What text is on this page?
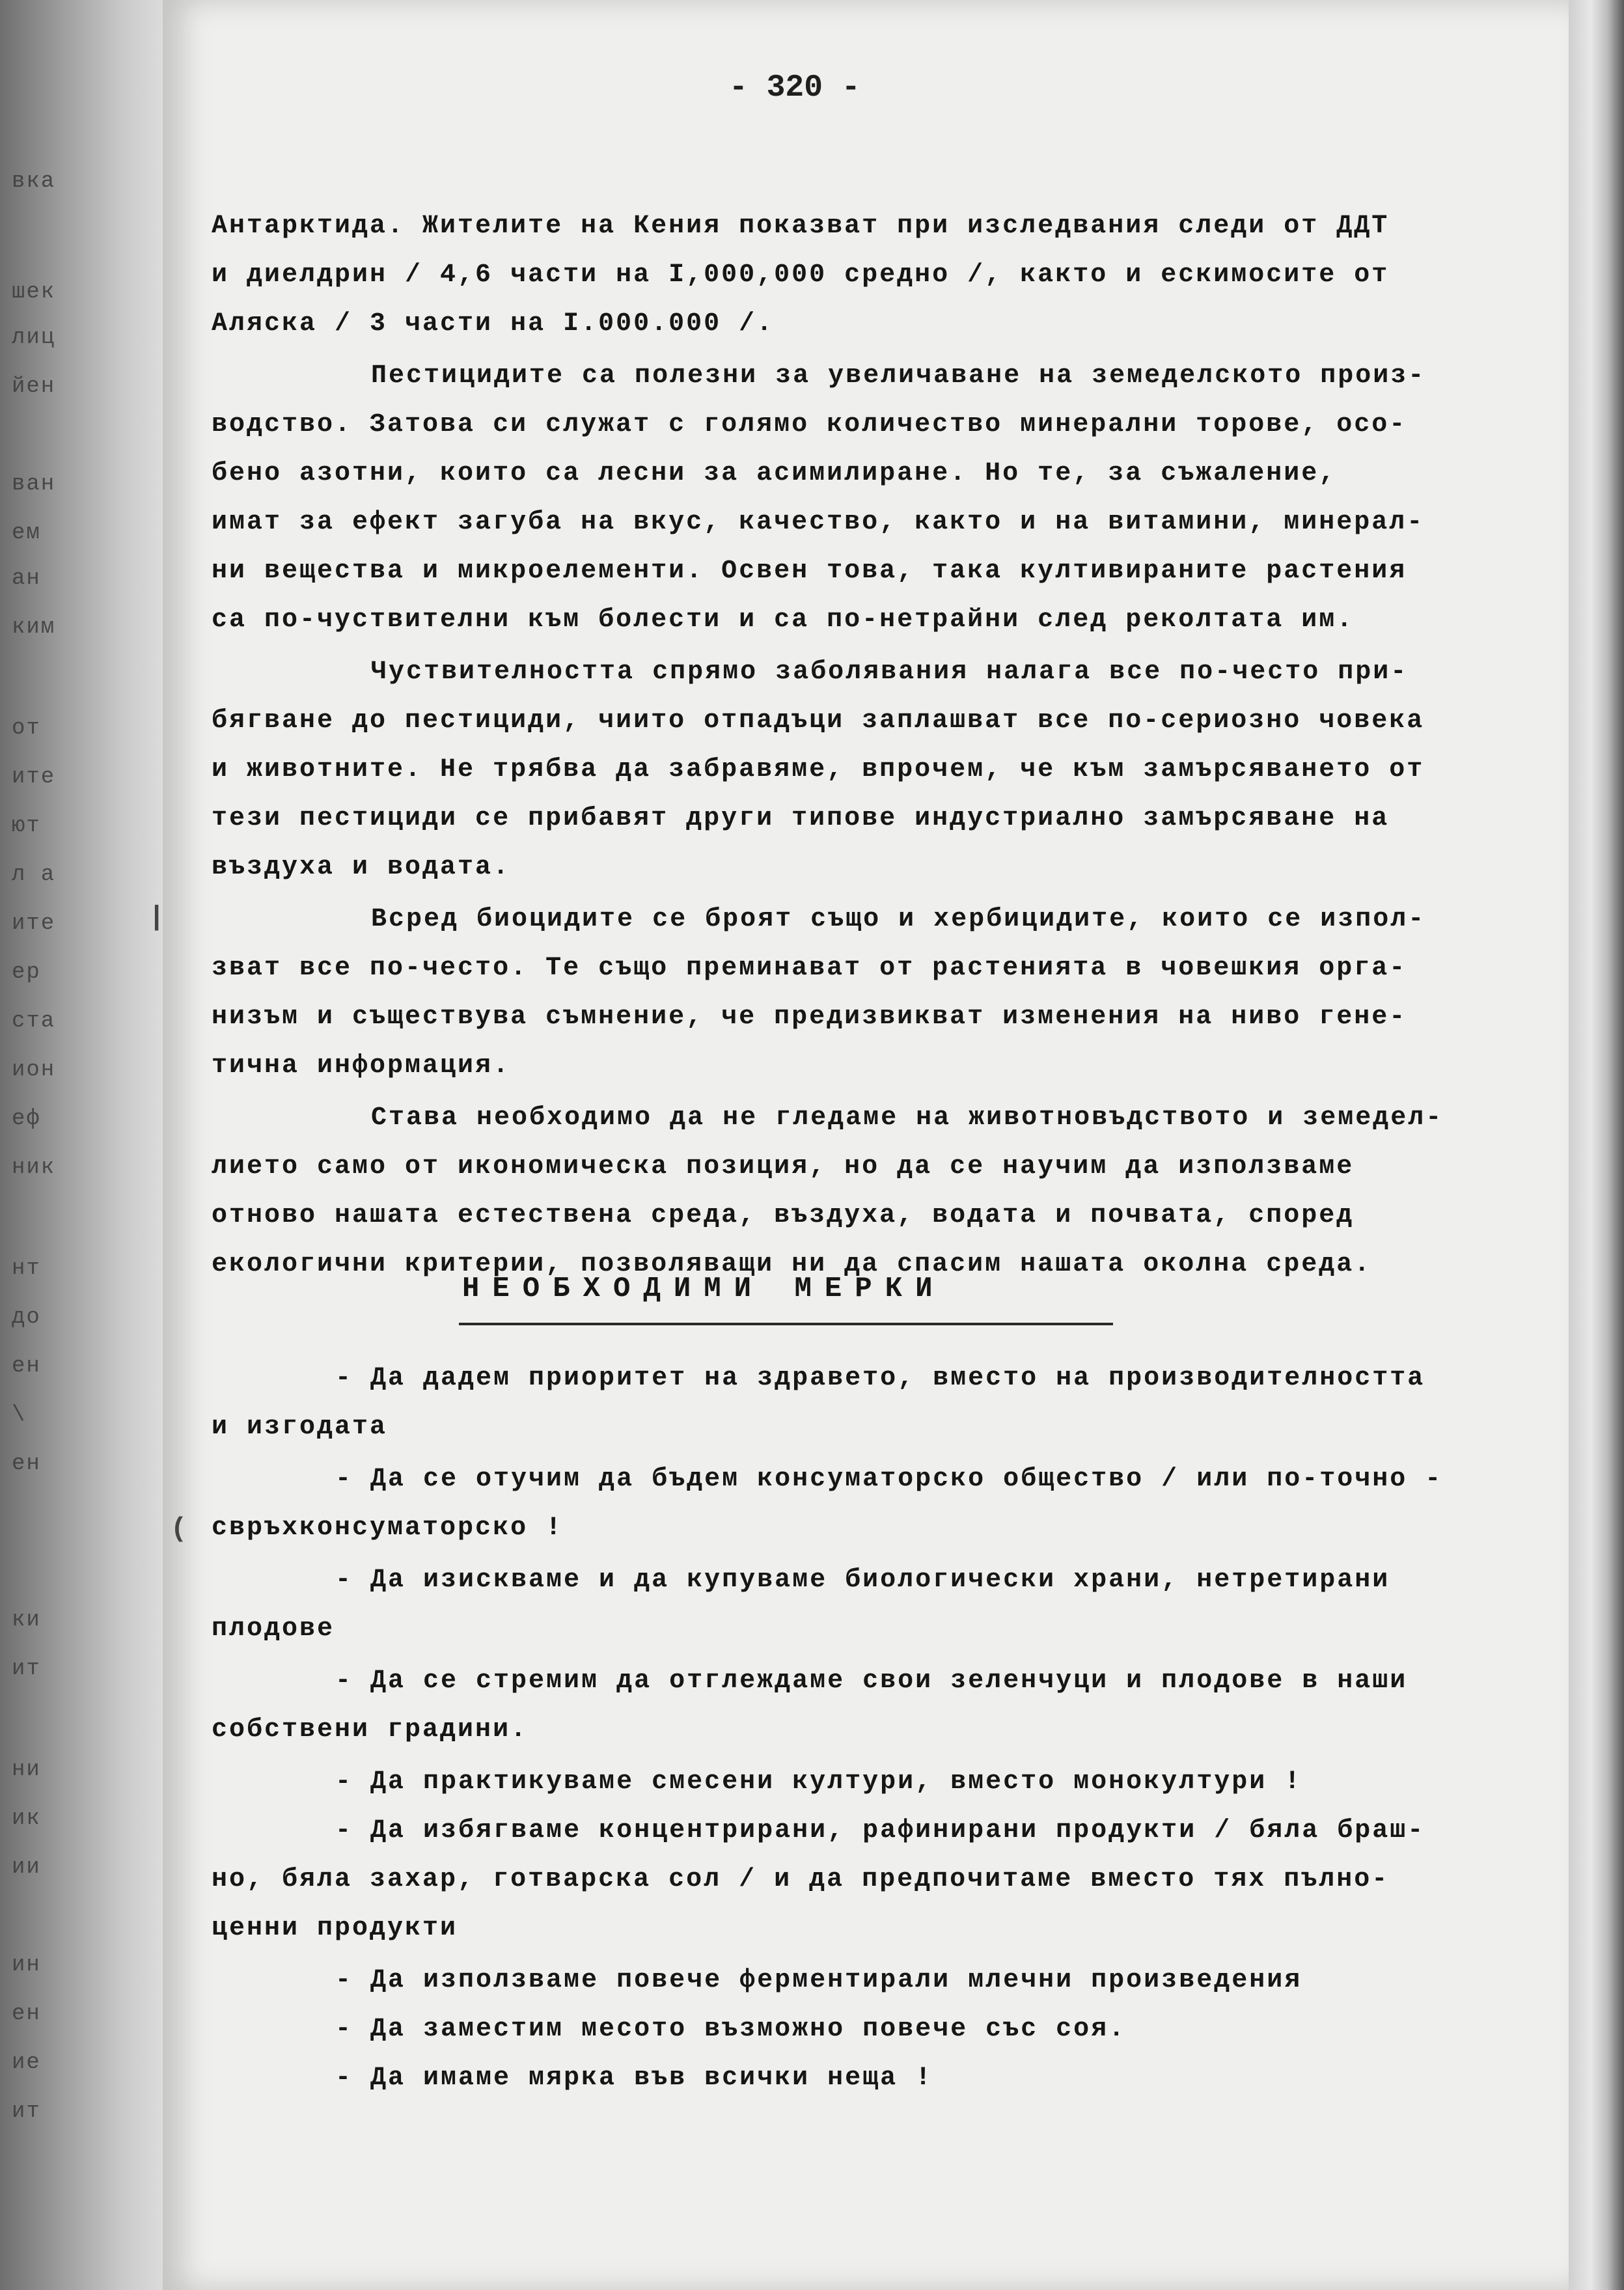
вка
шек
лиц
йен
ван
ем
ан
ким
от
ите
ют
л а
ите
ер
ста
ион
еф
ник
нт
до
ен
\
ен
ки
ит
ни
ик
ии
ин
ен
ие
ит

- 320 -
Антарктида. Жителите на Кения показват при изследвания следи от ДДТ
и диелдрин / 4,6 части на I,000,000 средно /, както и ескимосите от
Аляска / 3 части на I.000.000 /.
Пестицидите са полезни за увеличаване на земеделското произ-
водство. Затова си служат с голямо количество минерални торове, осо-
бено азотни, които са лесни за асимилиране. Но те, за съжаление,
имат за ефект загуба на вкус, качество, както и на витамини, минерал-
ни вещества и микроелементи. Освен това, така култивираните растения
са по-чуствителни към болести и са по-нетрайни след реколтата им.
Чуствителността спрямо заболявания налага все по-често при-
бягване до пестициди, чиито отпадъци заплашват все по-сериозно човека
и животните. Не трябва да забравяме, впрочем, че към замърсяването от
тези пестициди се прибавят други типове индустриално замърсяване на
въздуха и водата.
Всред биоцидите се броят също и хербицидите, които се изпол-
зват все по-често. Те също преминават от растенията в човешкия орга-
низъм и съществува съмнение, че предизвикват изменения на ниво гене-
тична информация.
Става необходимо да не гледаме на животновъдството и земедел-
лието само от икономическа позиция, но да се научим да използваме
отново нашата естествена среда, въздуха, водата и почвата, според
екологични критерии, позволяващи ни да спасим нашата околна среда.
НЕОБХОДИМИ МЕРКИ
- Да дадем приоритет на здравето, вместо на производителността
и изгодата
- Да се отучим да бъдем консуматорско общество / или по-точно -
свръхконсуматорско !
- Да изискваме и да купуваме биологически храни, нетретирани
плодове
- Да се стремим да отглеждаме свои зеленчуци и плодове в наши
собствени градини.
- Да практикуваме смесени култури, вместо монокултури !
- Да избягваме концентрирани, рафинирани продукти / бяла браш-
но, бяла захар, готварска сол / и да предпочитаме вместо тях пълно-
ценни продукти
- Да използваме повече ферментирали млечни произведения
- Да заместим месото възможно повече със соя.
- Да имаме мярка във всички неща !
|
(
